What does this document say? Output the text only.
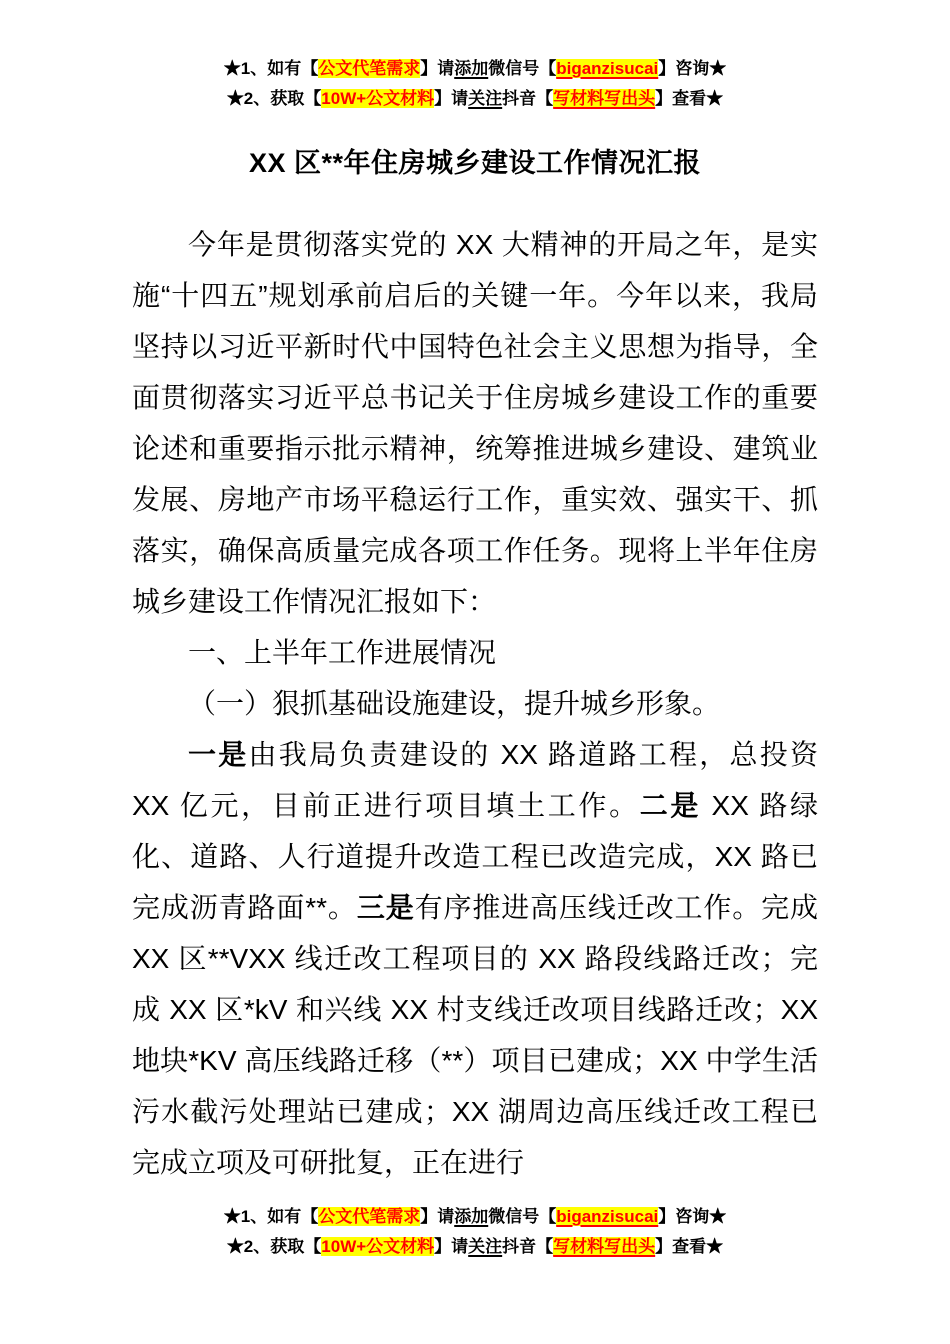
★1、如有【公文代笔需求】请添加微信号【biganzisucai】咨询★
★2、获取【10W+公文材料】请关注抖音【写材料写出头】查看★
XX 区**年住房城乡建设工作情况汇报

今年是贯彻落实党的 XX 大精神的开局之年，是实施“十四五”规划承前启后的关键一年。今年以来，我局坚持以习近平新时代中国特色社会主义思想为指导，全面贯彻落实习近平总书记关于住房城乡建设工作的重要论述和重要指示批示精神，统筹推进城乡建设、建筑业发展、房地产市场平稳运行工作，重实效、强实干、抓落实，确保高质量完成各项工作任务。现将上半年住房城乡建设工作情况汇报如下：

一、上半年工作进展情况

（一）狠抓基础设施建设，提升城乡形象。

一是由我局负责建设的 XX 路道路工程，总投资 XX 亿元，目前正进行项目填土工作。二是 XX 路绿化、道路、人行道提升改造工程已改造完成，XX 路已完成沥青路面**。三是有序推进高压线迁改工作。完成 XX 区**VXX 线迁改工程项目的 XX 路段线路迁改；完成 XX 区*kV 和兴线 XX 村支线迁改项目线路迁改；XX 地块*KV 高压线路迁移（**）项目已建成；XX 中学生活污水截污处理站已建成；XX 湖周边高压线迁改工程已完成立项及可研批复，正在进行

★1、如有【公文代笔需求】请添加微信号【biganzisucai】咨询★
★2、获取【10W+公文材料】请关注抖音【写材料写出头】查看★
